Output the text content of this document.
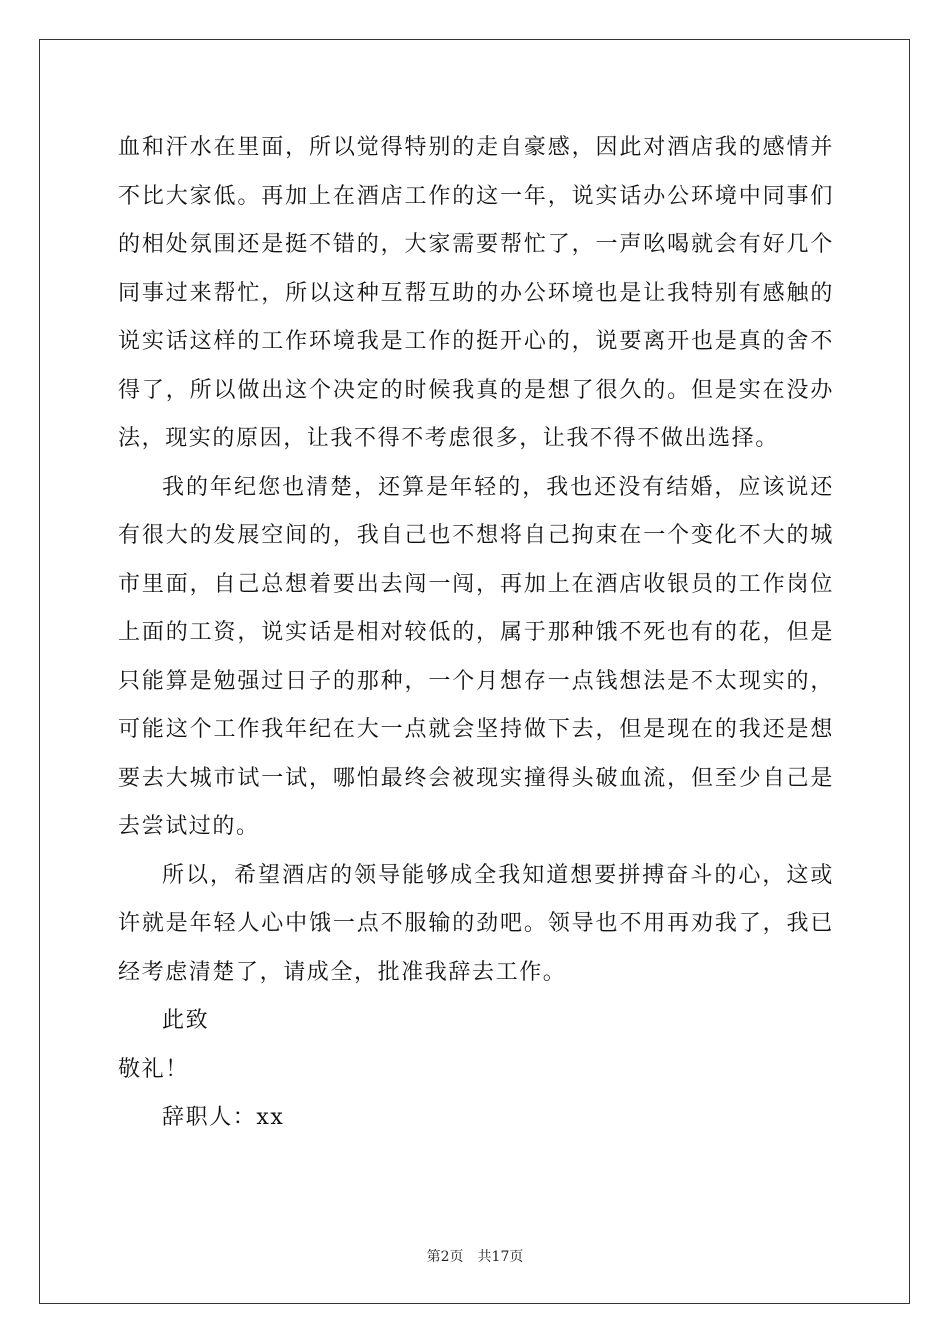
血和汗水在里面，所以觉得特别的走自豪感，因此对酒店我的感情并不比大家低。再加上在酒店工作的这一年，说实话办公环境中同事们的相处氛围还是挺不错的，大家需要帮忙了，一声吆喝就会有好几个同事过来帮忙，所以这种互帮互助的办公环境也是让我特别有感触的说实话这样的工作环境我是工作的挺开心的，说要离开也是真的舍不得了，所以做出这个决定的时候我真的是想了很久的。但是实在没办法，现实的原因，让我不得不考虑很多，让我不得不做出选择。

我的年纪您也清楚，还算是年轻的，我也还没有结婚，应该说还有很大的发展空间的，我自己也不想将自己拘束在一个变化不大的城市里面，自己总想着要出去闯一闯，再加上在酒店收银员的工作岗位上面的工资，说实话是相对较低的，属于那种饿不死也有的花，但是只能算是勉强过日子的那种，一个月想存一点钱想法是不太现实的，可能这个工作我年纪在大一点就会坚持做下去，但是现在的我还是想要去大城市试一试，哪怕最终会被现实撞得头破血流，但至少自己是去尝试过的。

所以，希望酒店的领导能够成全我知道想要拼搏奋斗的心，这或许就是年轻人心中饿一点不服输的劲吧。领导也不用再劝我了，我已经考虑清楚了，请成全，批准我辞去工作。

此致

敬礼！

辞职人：xx

第2页 共17页
